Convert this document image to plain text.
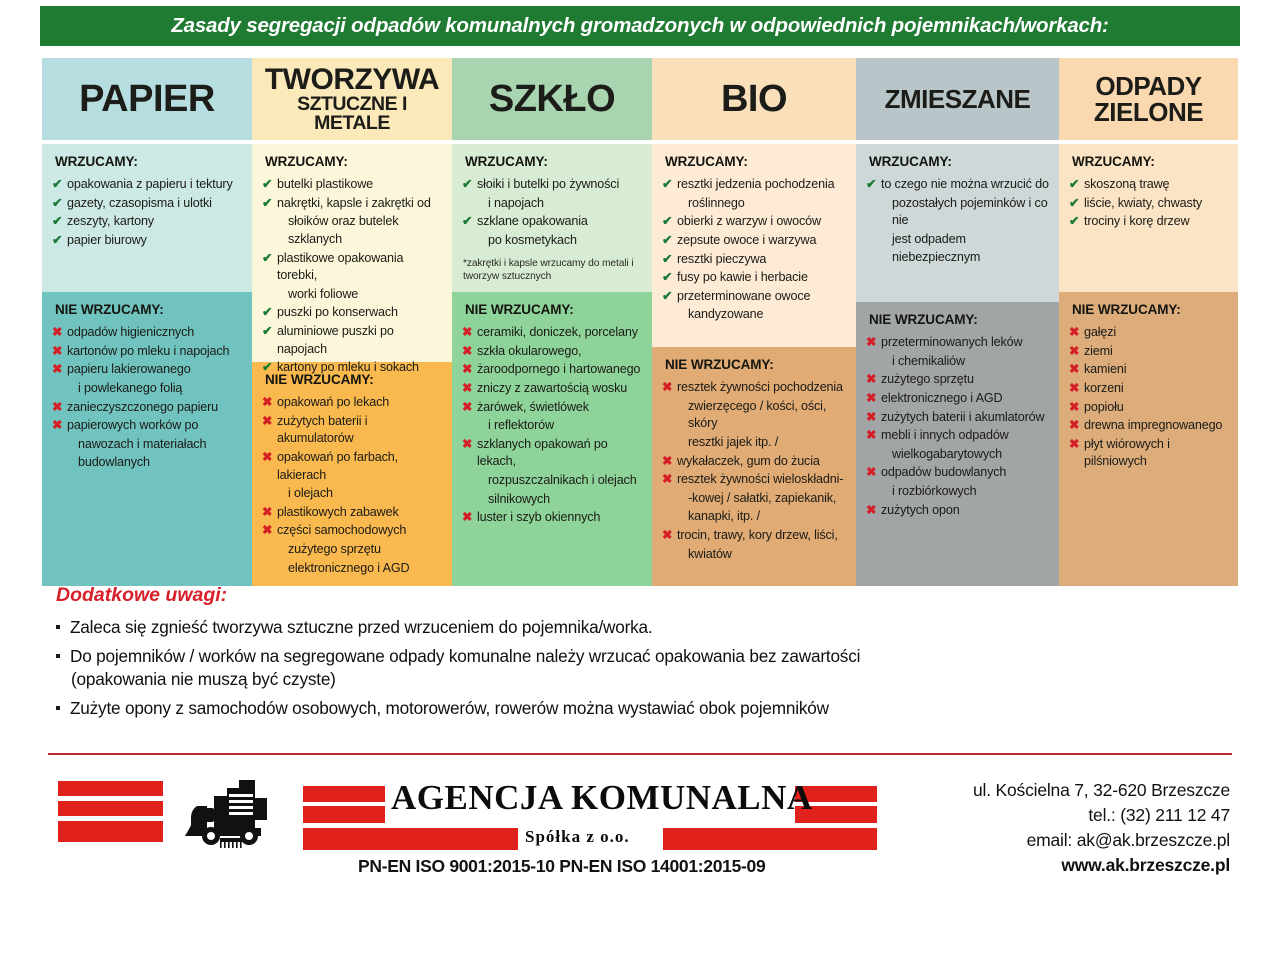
Zasady segregacji odpadów komunalnych gromadzonych w odpowiednich pojemnikach/workach:
PAPIER
WRZUCAMY:
✔ opakowania z papieru i tektury
✔ gazety, czasopisma i ulotki
✔ zeszyty, kartony
✔ papier biurowy
NIE WRZUCAMY:
✖ odpadów higienicznych
✖ kartonów po mleku i napojach
✖ papieru lakierowanego
i powlekanego folią
✖ zanieczyszczonego papieru
✖ papierowych worków po
nawozach i materiałach
budowlanych
TWORZYWA
SZTUCZNE I METALE
WRZUCAMY:
✔ butelki plastikowe
✔ nakrętki, kapsle i zakrętki od
słoików oraz butelek szklanych
✔ plastikowe opakowania torebki,
worki foliowe
✔ puszki po konserwach
✔ aluminiowe puszki po napojach
✔ kartony po mleku i sokach
NIE WRZUCAMY:
✖ opakowań po lekach
✖ zużytych baterii i akumulatorów
✖ opakowań po farbach, lakierach
i olejach
✖ plastikowych zabawek
✖ części samochodowych
zużytego sprzętu
elektronicznego i AGD
SZKŁO
WRZUCAMY:
✔ słoiki i butelki po żywności
i napojach
✔ szklane opakowania
po kosmetykach
*zakrętki i kapsle wrzucamy do metali i tworzyw sztucznych
NIE WRZUCAMY:
✖ ceramiki, doniczek, porcelany
✖ szkła okularowego,
✖ żaroodpornego i hartowanego
✖ zniczy z zawartością wosku
✖ żarówek, świetlówek
i reflektorów
✖ szklanych opakowań po lekach,
rozpuszczalnikach i olejach
silnikowych
✖ luster i szyb okiennych
BIO
WRZUCAMY:
✔ resztki jedzenia pochodzenia
roślinnego
✔ obierki z warzyw i owoców
✔ zepsute owoce i warzywa
✔ resztki pieczywa
✔ fusy po kawie i herbacie
✔ przeterminowane owoce
kandyzowane
NIE WRZUCAMY:
✖ resztek żywności pochodzenia
zwierzęcego / kości, ości, skóry
resztki jajek itp. /
✖ wykałaczek, gum do żucia
✖ resztek żywności wieloskładni-
-kowej / sałatki, zapiekanik,
kanapki, itp. /
✖ trocin, trawy, kory drzew, liści,
kwiatów
ZMIESZANE
WRZUCAMY:
✔ to czego nie można wrzucić do
pozostałych pojeminków i co nie
jest odpadem niebezpiecznym
NIE WRZUCAMY:
✖ przeterminowanych leków
i chemikaliów
✖ zużytego sprzętu
✖ elektronicznego i AGD
✖ zużytych baterii i akumlatorów
✖ mebli i innych odpadów
wielkogabarytowych
✖ odpadów budowlanych
i rozbiórkowych
✖ zużytych opon
ODPADY
ZIELONE
WRZUCAMY:
✔ skoszoną trawę
✔ liście, kwiaty, chwasty
✔ trociny i korę drzew
NIE WRZUCAMY:
✖ gałęzi
✖ ziemi
✖ kamieni
✖ korzeni
✖ popiołu
✖ drewna impregnowanego
✖ płyt wiórowych i pilśniowych
Dodatkowe uwagi:
Zaleca się zgnieść tworzywa sztuczne przed wrzuceniem do pojemnika/worka.
Do pojemników / worków na segregowane odpady komunalne należy wrzucać opakowania bez zawartości
(opakowania nie muszą być czyste)
Zużyte opony z samochodów osobowych, motorowerów, rowerów można wystawiać obok pojemników
AGENCJA KOMUNALNA
Spółka z o.o.
PN-EN ISO 9001:2015-10 PN-EN ISO 14001:2015-09
ul. Kościelna 7, 32-620 Brzeszcze
tel.: (32) 211 12 47
email: ak@ak.brzeszcze.pl
www.ak.brzeszcze.pl
